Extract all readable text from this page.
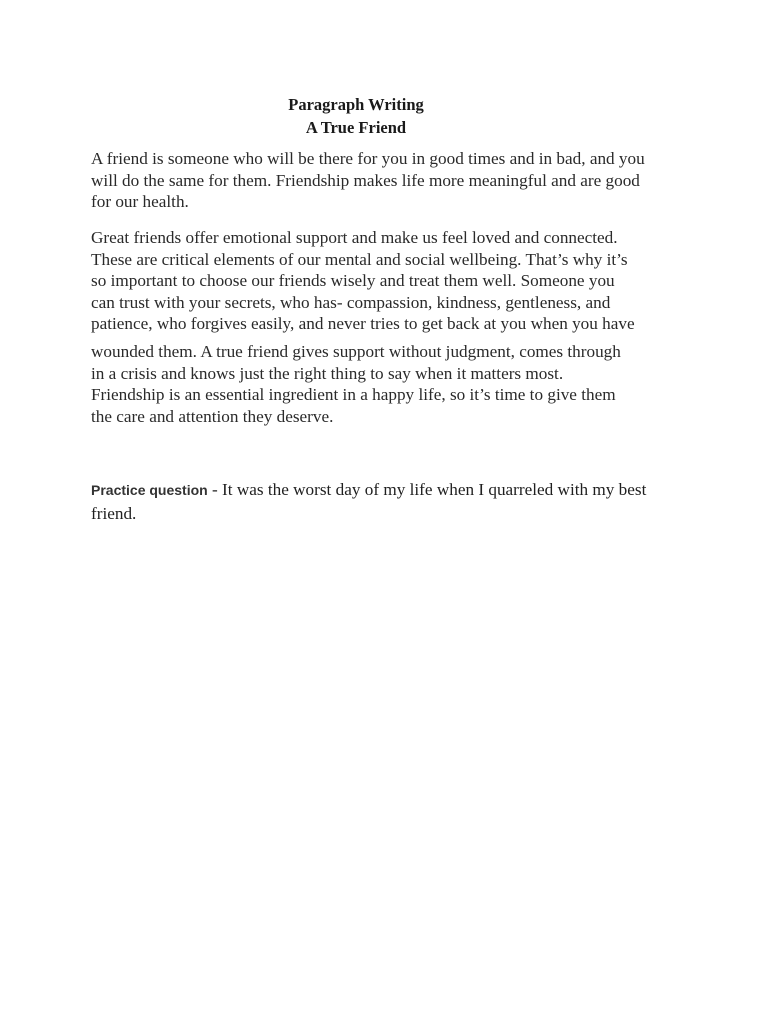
Paragraph Writing
A True Friend

A friend is someone who will be there for you in good times and in bad, and you
will do the same for them. Friendship makes life more meaningful and are good
for our health.

Great friends offer emotional support and make us feel loved and connected.
These are critical elements of our mental and social wellbeing. That’s why it’s
so important to choose our friends wisely and treat them well. Someone you
can trust with your secrets, who has- compassion, kindness, gentleness, and
patience, who forgives easily, and never tries to get back at you when you have

wounded them. A true friend gives support without judgment, comes through
in a crisis and knows just the right thing to say when it matters most.
Friendship is an essential ingredient in a happy life, so it’s time to give them
the care and attention they deserve.

Practice question - It was the worst day of my life when I quarreled with my best
friend.
